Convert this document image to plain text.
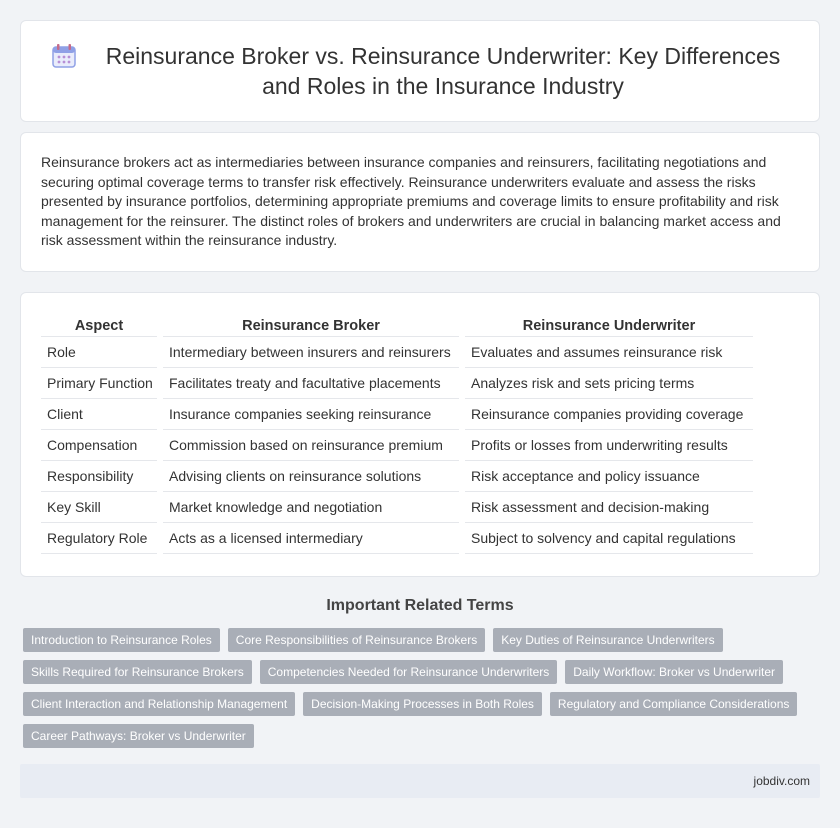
Reinsurance Broker vs. Reinsurance Underwriter: Key Differences and Roles in the Insurance Industry

Reinsurance brokers act as intermediaries between insurance companies and reinsurers, facilitating negotiations and securing optimal coverage terms to transfer risk effectively. Reinsurance underwriters evaluate and assess the risks presented by insurance portfolios, determining appropriate premiums and coverage limits to ensure profitability and risk management for the reinsurer. The distinct roles of brokers and underwriters are crucial in balancing market access and risk assessment within the reinsurance industry.

Aspect	Reinsurance Broker	Reinsurance Underwriter
Role	Intermediary between insurers and reinsurers	Evaluates and assumes reinsurance risk
Primary Function	Facilitates treaty and facultative placements	Analyzes risk and sets pricing terms
Client	Insurance companies seeking reinsurance	Reinsurance companies providing coverage
Compensation	Commission based on reinsurance premium	Profits or losses from underwriting results
Responsibility	Advising clients on reinsurance solutions	Risk acceptance and policy issuance
Key Skill	Market knowledge and negotiation	Risk assessment and decision-making
Regulatory Role	Acts as a licensed intermediary	Subject to solvency and capital regulations
Important Related Terms
Introduction to Reinsurance Roles	Core Responsibilities of Reinsurance Brokers	Key Duties of Reinsurance Underwriters
Skills Required for Reinsurance Brokers	Competencies Needed for Reinsurance Underwriters	Daily Workflow: Broker vs Underwriter
Client Interaction and Relationship Management	Decision-Making Processes in Both Roles	Regulatory and Compliance Considerations
Career Pathways: Broker vs Underwriter
jobdiv.com
